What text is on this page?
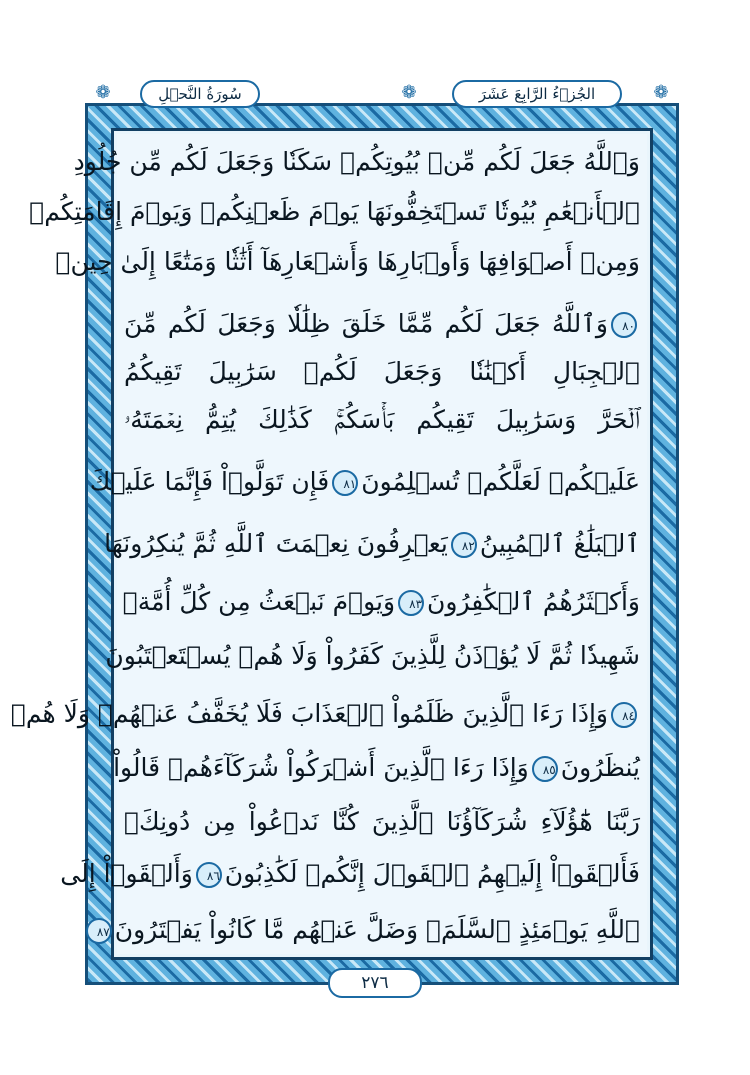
❁	❁	❁
سُورَةُ النَّحۡلِ	الجُزۡءُ الرَّابِعَ عَشَرَ
وَٱللَّهُ جَعَلَ لَكُم مِّنۢ بُيُوتِكُمۡ سَكَنٗا وَجَعَلَ لَكُم مِّن جُلُودِ
ٱلۡأَنۡعَٰمِ بُيُوتٗا تَسۡتَخِفُّونَهَا يَوۡمَ ظَعۡنِكُمۡ وَيَوۡمَ إِقَامَتِكُمۡ
وَمِنۡ أَصۡوَافِهَا وَأَوۡبَارِهَا وَأَشۡعَارِهَآ أَثَٰثٗا وَمَتَٰعًا إِلَىٰ حِينٖ
٨٠وَٱللَّهُ جَعَلَ لَكُم مِّمَّا خَلَقَ ظِلَٰلٗا وَجَعَلَ لَكُم مِّنَ
ٱلۡجِبَالِ أَكۡنَٰنٗا وَجَعَلَ لَكُمۡ سَرَٰبِيلَ تَقِيكُمُ
ٱلۡحَرَّ وَسَرَٰبِيلَ تَقِيكُم بَأۡسَكُمۡۚ كَذَٰلِكَ يُتِمُّ نِعۡمَتَهُۥ
عَلَيۡكُمۡ لَعَلَّكُمۡ تُسۡلِمُونَ٨١فَإِن تَوَلَّوۡاْ فَإِنَّمَا عَلَيۡكَ
ٱلۡبَلَٰغُ ٱلۡمُبِينُ٨٢يَعۡرِفُونَ نِعۡمَتَ ٱللَّهِ ثُمَّ يُنكِرُونَهَا
وَأَكۡثَرُهُمُ ٱلۡكَٰفِرُونَ٨٣وَيَوۡمَ نَبۡعَثُ مِن كُلِّ أُمَّةٖ
شَهِيدٗا ثُمَّ لَا يُؤۡذَنُ لِلَّذِينَ كَفَرُواْ وَلَا هُمۡ يُسۡتَعۡتَبُونَ
٨٤وَإِذَا رَءَا ٱلَّذِينَ ظَلَمُواْ ٱلۡعَذَابَ فَلَا يُخَفَّفُ عَنۡهُمۡ وَلَا هُمۡ
يُنظَرُونَ٨٥وَإِذَا رَءَا ٱلَّذِينَ أَشۡرَكُواْ شُرَكَآءَهُمۡ قَالُواْ
رَبَّنَا هَٰٓؤُلَآءِ شُرَكَآؤُنَا ٱلَّذِينَ كُنَّا نَدۡعُواْ مِن دُونِكَۖ
فَأَلۡقَوۡاْ إِلَيۡهِمُ ٱلۡقَوۡلَ إِنَّكُمۡ لَكَٰذِبُونَ٨٦وَأَلۡقَوۡاْ إِلَى
ٱللَّهِ يَوۡمَئِذٍ ٱلسَّلَمَۖ وَضَلَّ عَنۡهُم مَّا كَانُواْ يَفۡتَرُونَ٨٧
٢٧٦
